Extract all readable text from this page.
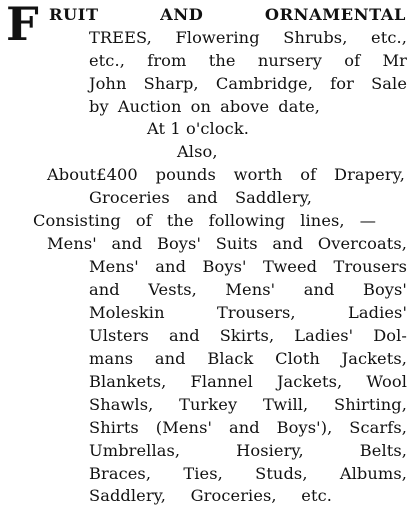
F RUIT AND ORNAMENTAL
TREES, Flowering Shrubs, etc.,
etc., from the nursery of Mr
John Sharp, Cambridge, for Sale
by Auction on above date,
At 1 o'clock.
Also,
About£400 pounds worth of Drapery,
Groceries and Saddlery,
Consisting of the following lines, —
Mens' and Boys' Suits and Overcoats,
Mens' and Boys' Tweed Trousers
and Vests, Mens' and Boys'
Moleskin Trousers, Ladies'
Ulsters and Skirts, Ladies' Dol-
mans and Black Cloth Jackets,
Blankets, Flannel Jackets, Wool
Shawls, Turkey Twill, Shirting,
Shirts (Mens' and Boys'), Scarfs,
Umbrellas, Hosiery, Belts,
Braces, Ties, Studs, Albums,
Saddlery, Groceries, etc.
